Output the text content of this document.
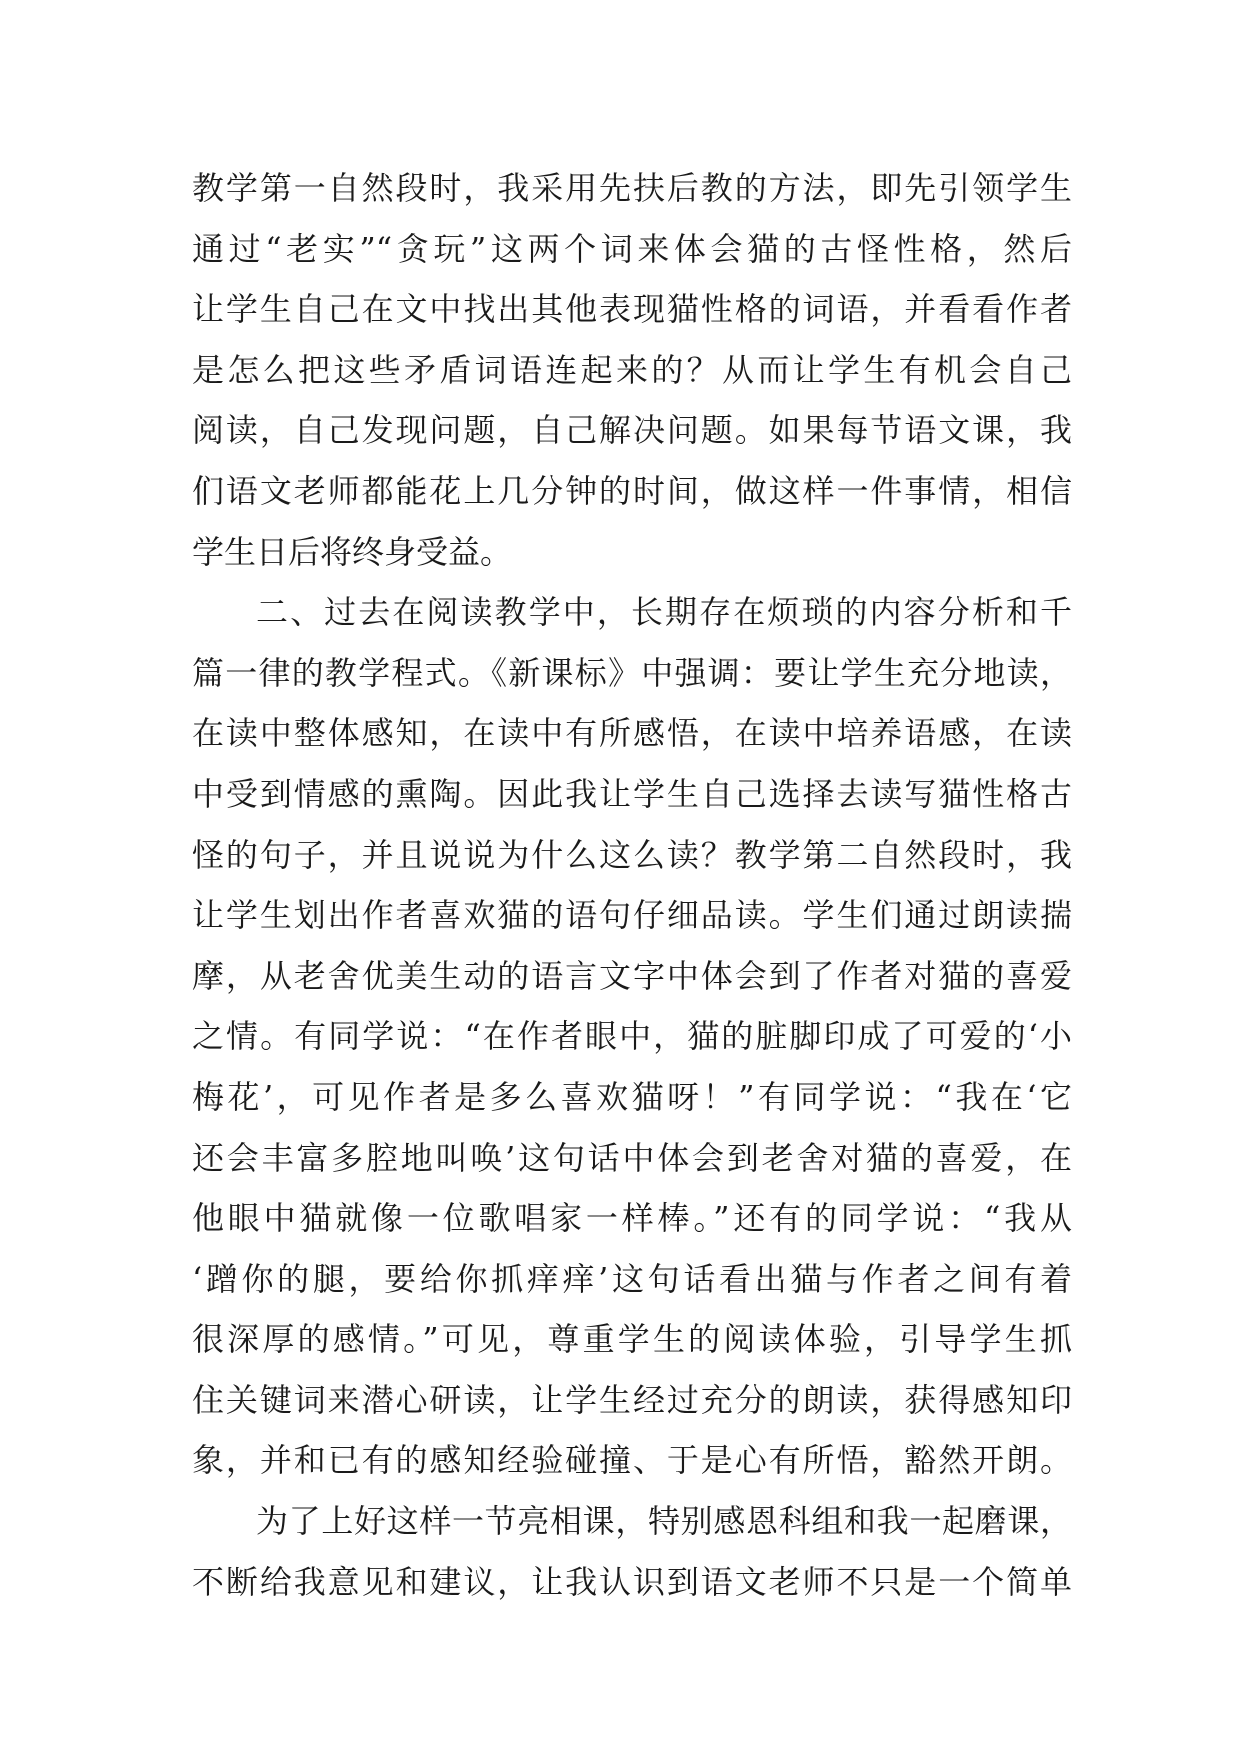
教学第一自然段时，我采用先扶后教的方法，即先引领学生
通过“老实”“贪玩”这两个词来体会猫的古怪性格，然后
让学生自己在文中找出其他表现猫性格的词语，并看看作者
是怎么把这些矛盾词语连起来的？从而让学生有机会自己
阅读，自己发现问题，自己解决问题。如果每节语文课，我
们语文老师都能花上几分钟的时间，做这样一件事情，相信
学生日后将终身受益。
二、过去在阅读教学中，长期存在烦琐的内容分析和千
篇一律的教学程式。《新课标》中强调：要让学生充分地读，
在读中整体感知，在读中有所感悟，在读中培养语感，在读
中受到情感的熏陶。因此我让学生自己选择去读写猫性格古
怪的句子，并且说说为什么这么读？教学第二自然段时，我
让学生划出作者喜欢猫的语句仔细品读。学生们通过朗读揣
摩，从老舍优美生动的语言文字中体会到了作者对猫的喜爱
之情。有同学说：“在作者眼中，猫的脏脚印成了可爱的‘小
梅花’，可见作者是多么喜欢猫呀！”有同学说：“我在‘它
还会丰富多腔地叫唤’这句话中体会到老舍对猫的喜爱，在
他眼中猫就像一位歌唱家一样棒。”还有的同学说：“我从
‘蹭你的腿，要给你抓痒痒’这句话看出猫与作者之间有着
很深厚的感情。”可见，尊重学生的阅读体验，引导学生抓
住关键词来潜心研读，让学生经过充分的朗读，获得感知印
象，并和已有的感知经验碰撞、于是心有所悟，豁然开朗。
为了上好这样一节亮相课，特别感恩科组和我一起磨课，
不断给我意见和建议，让我认识到语文老师不只是一个简单
